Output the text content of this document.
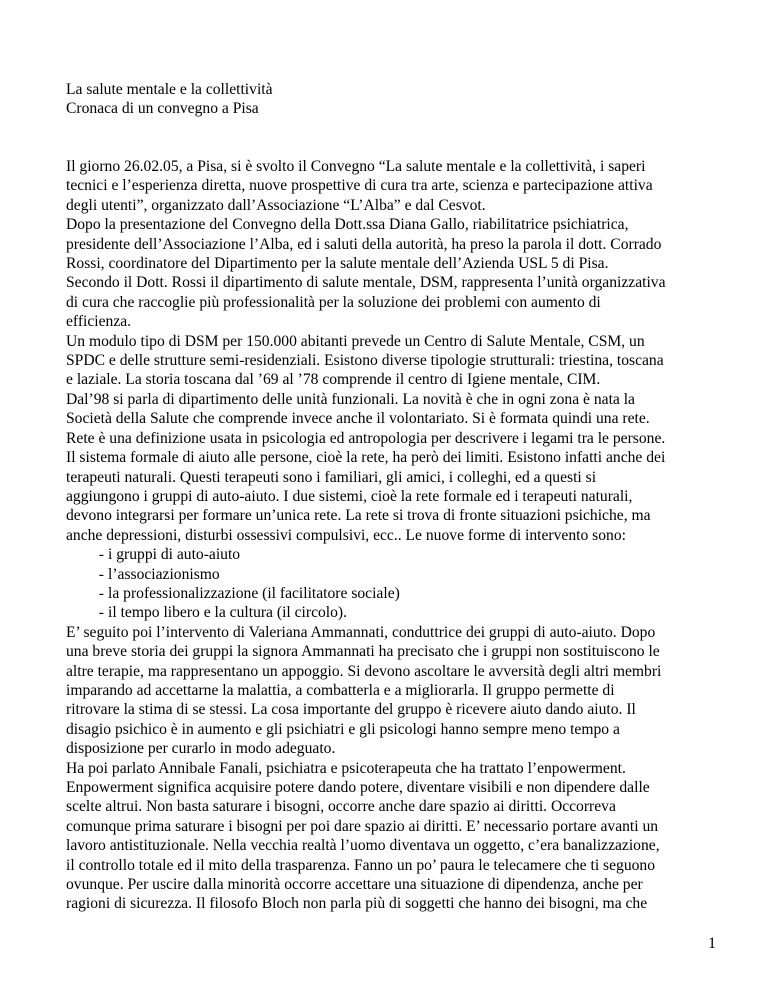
La salute mentale e la collettività
Cronaca di un convegno a Pisa
Il giorno 26.02.05, a Pisa, si è svolto il Convegno “La salute mentale e la collettività, i saperi
tecnici e l’esperienza diretta, nuove prospettive di cura tra arte, scienza e partecipazione attiva
degli utenti”, organizzato dall’Associazione “L’Alba” e dal Cesvot.
Dopo la presentazione del Convegno della Dott.ssa Diana Gallo, riabilitatrice psichiatrica,
presidente dell’Associazione l’Alba, ed i saluti della autorità, ha preso la parola il dott. Corrado
Rossi, coordinatore del Dipartimento per la salute mentale dell’Azienda USL 5 di Pisa.
Secondo il Dott. Rossi il dipartimento di salute mentale, DSM, rappresenta l’unità organizzativa
di cura che raccoglie più professionalità per la soluzione dei problemi con aumento di
efficienza.
Un modulo tipo di DSM per 150.000 abitanti prevede un Centro di Salute Mentale, CSM, un
SPDC e delle strutture semi-residenziali. Esistono diverse tipologie strutturali: triestina, toscana
e laziale. La storia toscana dal ’69 al ’78 comprende il centro di Igiene mentale, CIM.
Dal’98 si parla di dipartimento delle unità funzionali. La novità è che in ogni zona è nata la
Società della Salute che comprende invece anche il volontariato. Si è formata quindi una rete.
Rete è una definizione usata in psicologia ed antropologia per descrivere i legami tra le persone.
Il sistema formale di aiuto alle persone, cioè la rete, ha però dei limiti. Esistono infatti anche dei
terapeuti naturali. Questi terapeuti sono i familiari, gli amici, i colleghi, ed a questi si
aggiungono i gruppi di auto-aiuto. I due sistemi, cioè la rete formale ed i terapeuti naturali,
devono integrarsi per formare un’unica rete. La rete si trova di fronte situazioni psichiche, ma
anche depressioni, disturbi ossessivi compulsivi, ecc.. Le nuove forme di intervento sono:
- i gruppi di auto-aiuto
- l’associazionismo
- la professionalizzazione (il facilitatore sociale)
- il tempo libero e la cultura (il circolo).
E’ seguito poi l’intervento di Valeriana Ammannati, conduttrice dei gruppi di auto-aiuto. Dopo
una breve storia dei gruppi la signora Ammannati ha precisato che i gruppi non sostituiscono le
altre terapie, ma rappresentano un appoggio. Si devono ascoltare le avversità degli altri membri
imparando ad accettarne la malattia, a combatterla e a migliorarla. Il gruppo permette di
ritrovare la stima di se stessi. La cosa importante del gruppo è ricevere aiuto dando aiuto. Il
disagio psichico è in aumento e gli psichiatri e gli psicologi hanno sempre meno tempo a
disposizione per curarlo in modo adeguato.
Ha poi parlato Annibale Fanali, psichiatra e psicoterapeuta che ha trattato l’enpowerment.
Enpowerment significa acquisire potere dando potere, diventare visibili e non dipendere dalle
scelte altrui. Non basta saturare i bisogni, occorre anche dare spazio ai diritti. Occorreva
comunque prima saturare i bisogni per poi dare spazio ai diritti. E’ necessario portare avanti un
lavoro antistituzionale. Nella vecchia realtà l’uomo diventava un oggetto, c’era banalizzazione,
il controllo totale ed il mito della trasparenza. Fanno un po’ paura le telecamere che ti seguono
ovunque. Per uscire dalla minorità occorre accettare una situazione di dipendenza, anche per
ragioni di sicurezza. Il filosofo Bloch non parla più di soggetti che hanno dei bisogni, ma che
1
